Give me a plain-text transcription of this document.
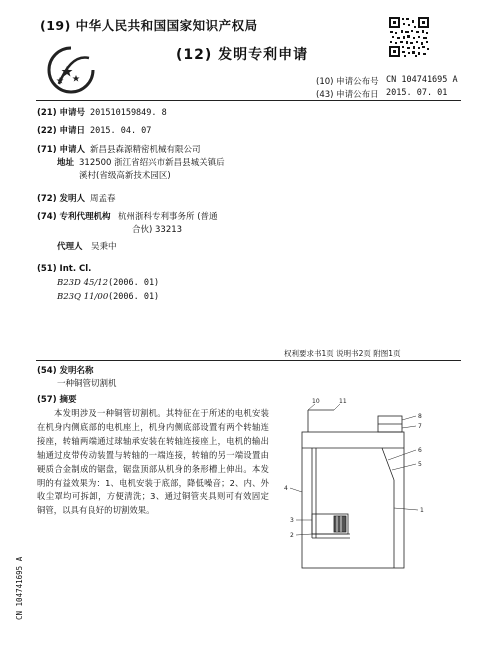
(19) 中华人民共和国国家知识产权局
(12) 发明专利申请
(10) 申请公布号 CN 104741695 A
(43) 申请公布日 2015. 07. 01
(21) 申请号 201510159849. 8
(22) 申请日 2015. 04. 07
(71) 申请人 新昌县森源精密机械有限公司
地址 312500 浙江省绍兴市新昌县城关镇后
溪村(省级高新技术园区)
(72) 发明人 周孟春
(74) 专利代理机构 杭州浙科专利事务所 (普通
合伙) 33213
代理人 吴秉中
(51) Int. Cl.
B23D 45/12 (2006. 01)
B23Q 11/00 (2006. 01)
权利要求书1页 说明书2页 附图1页
(54) 发明名称
一种铜管切割机
(57) 摘要
本发明涉及一种铜管切割机。其特征在于所述的电机安装在机身内侧底部的电机座上，机身内侧底部设置有两个转轴连接座，转轴两端通过球轴承安装在转轴连接座上，电机的输出轴通过皮带传动装置与转轴的一端连接，转轴的另一端设置由硬质合金制成的锯盘，锯盘顶部从机身的条形槽上伸出。本发明的有益效果为：1、电机安装于底部，降低噪音；2、内、外收尘罩均可拆卸，方便清洗；3、通过铜管夹具则可有效固定铜管，以具有良好的切割效果。
10	11
8
7
6
5
4
1
3
2
CN 104741695 A
